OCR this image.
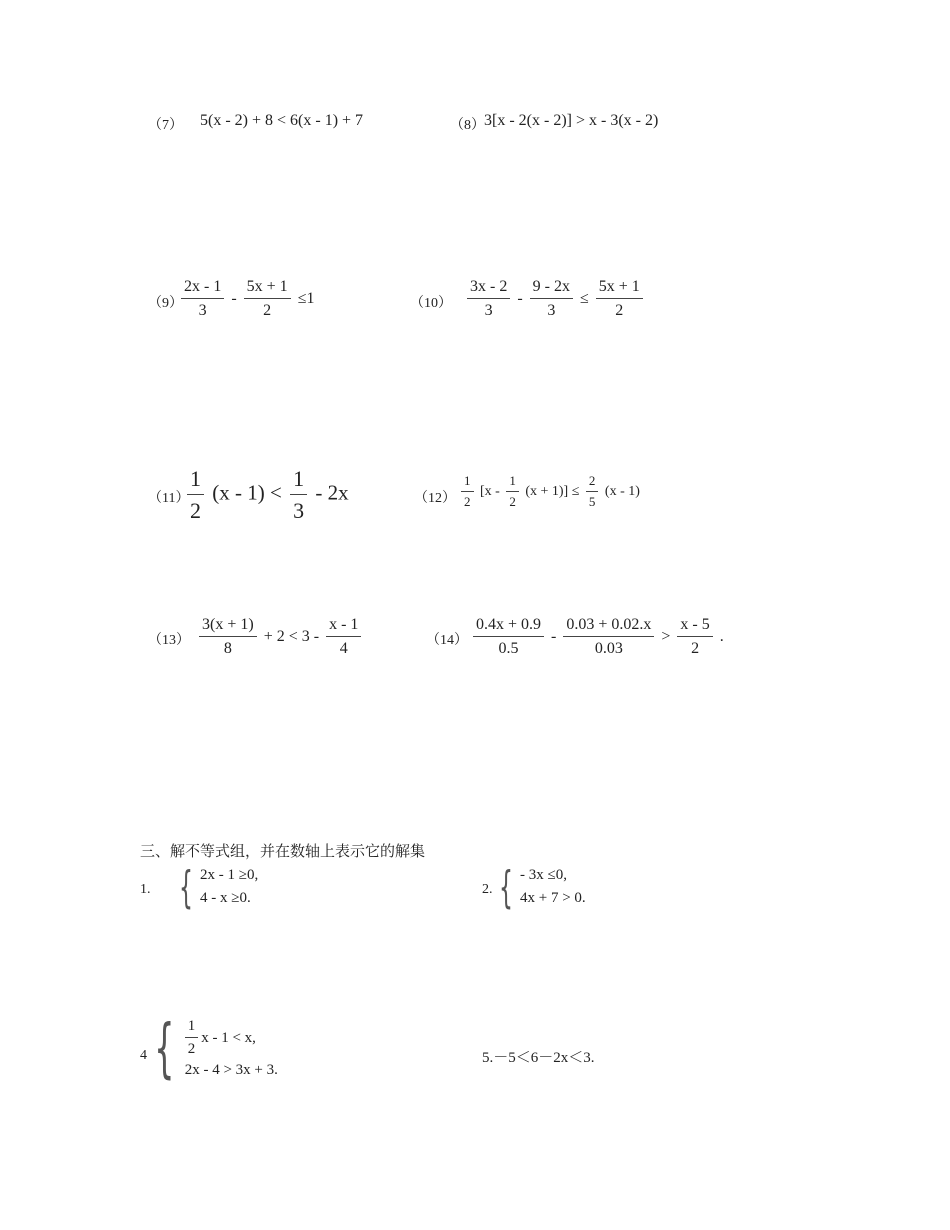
（7） 5(x - 2) + 8 < 6(x - 1) + 7	（8） 3[x - 2(x - 2)] > x - 3(x - 2)
（9）
$\frac{2x - 1}{3} - \frac{5x + 1}{2} \le 1$	$(10) \frac{3x - 2}{3} - \frac{9 - 2x}{3} \le \frac{5x + 1}{2}$
（11）
$\frac{1}{2} (x - 1) < \frac{1}{3} - 2x$	$(12) \frac{1}{2} [x - \frac{1}{2} (x + 1)] \le \frac{2}{5} (x - 1)$
$(13) \frac{3(x + 1)}{8} + 2 < 3 - \frac{x - 1}{4}$	$(14) \frac{0.4x + 0.9}{0.5} - \frac{0.03 + 0.02.x}{0.03} > \frac{x - 5}{2}$ .
三、解不等式组，并在数轴上表示它的解集
1. { 2x - 1 ≥0,
4 - x ≥0.
2. { - 3x ≤0,
4x + 7 > 0.
4 { $\frac{1}{2}$ x - 1 < x,
2x - 4 > 3x + 3.
5.－5＜6－2x＜3.
